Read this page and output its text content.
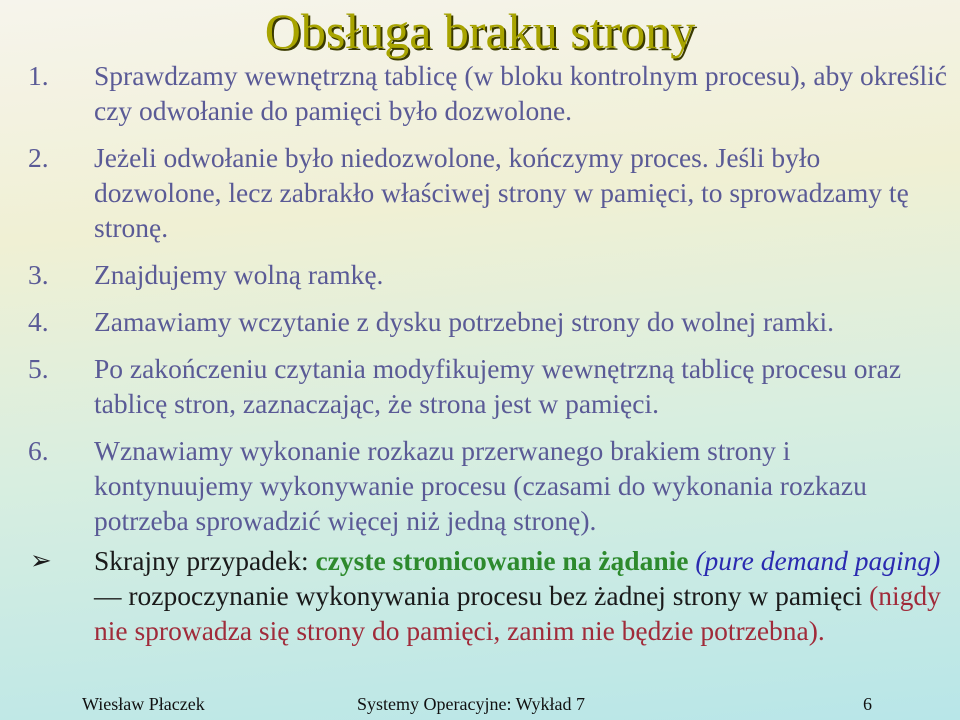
Obsługa braku strony
1. Sprawdzamy wewnętrzną tablicę (w bloku kontrolnym procesu), aby określić czy odwołanie do pamięci było dozwolone.
2. Jeżeli odwołanie było niedozwolone, kończymy proces. Jeśli było dozwolone, lecz zabrakło właściwej strony w pamięci, to sprowadzamy tę stronę.
3. Znajdujemy wolną ramkę.
4. Zamawiamy wczytanie z dysku potrzebnej strony do wolnej ramki.
5. Po zakończeniu czytania modyfikujemy wewnętrzną tablicę procesu oraz tablicę stron, zaznaczając, że strona jest w pamięci.
6. Wznawiamy wykonanie rozkazu przerwanego brakiem strony i kontynuujemy wykonywanie procesu (czasami do wykonania rozkazu potrzeba sprowadzić więcej niż jedną stronę).
➢ Skrajny przypadek: czyste stronicowanie na żądanie (pure demand paging) — rozpoczynanie wykonywania procesu bez żadnej strony w pamięci (nigdy nie sprowadza się strony do pamięci, zanim nie będzie potrzebna).
Wiesław Płaczek	Systemy Operacyjne: Wykład 7	6
